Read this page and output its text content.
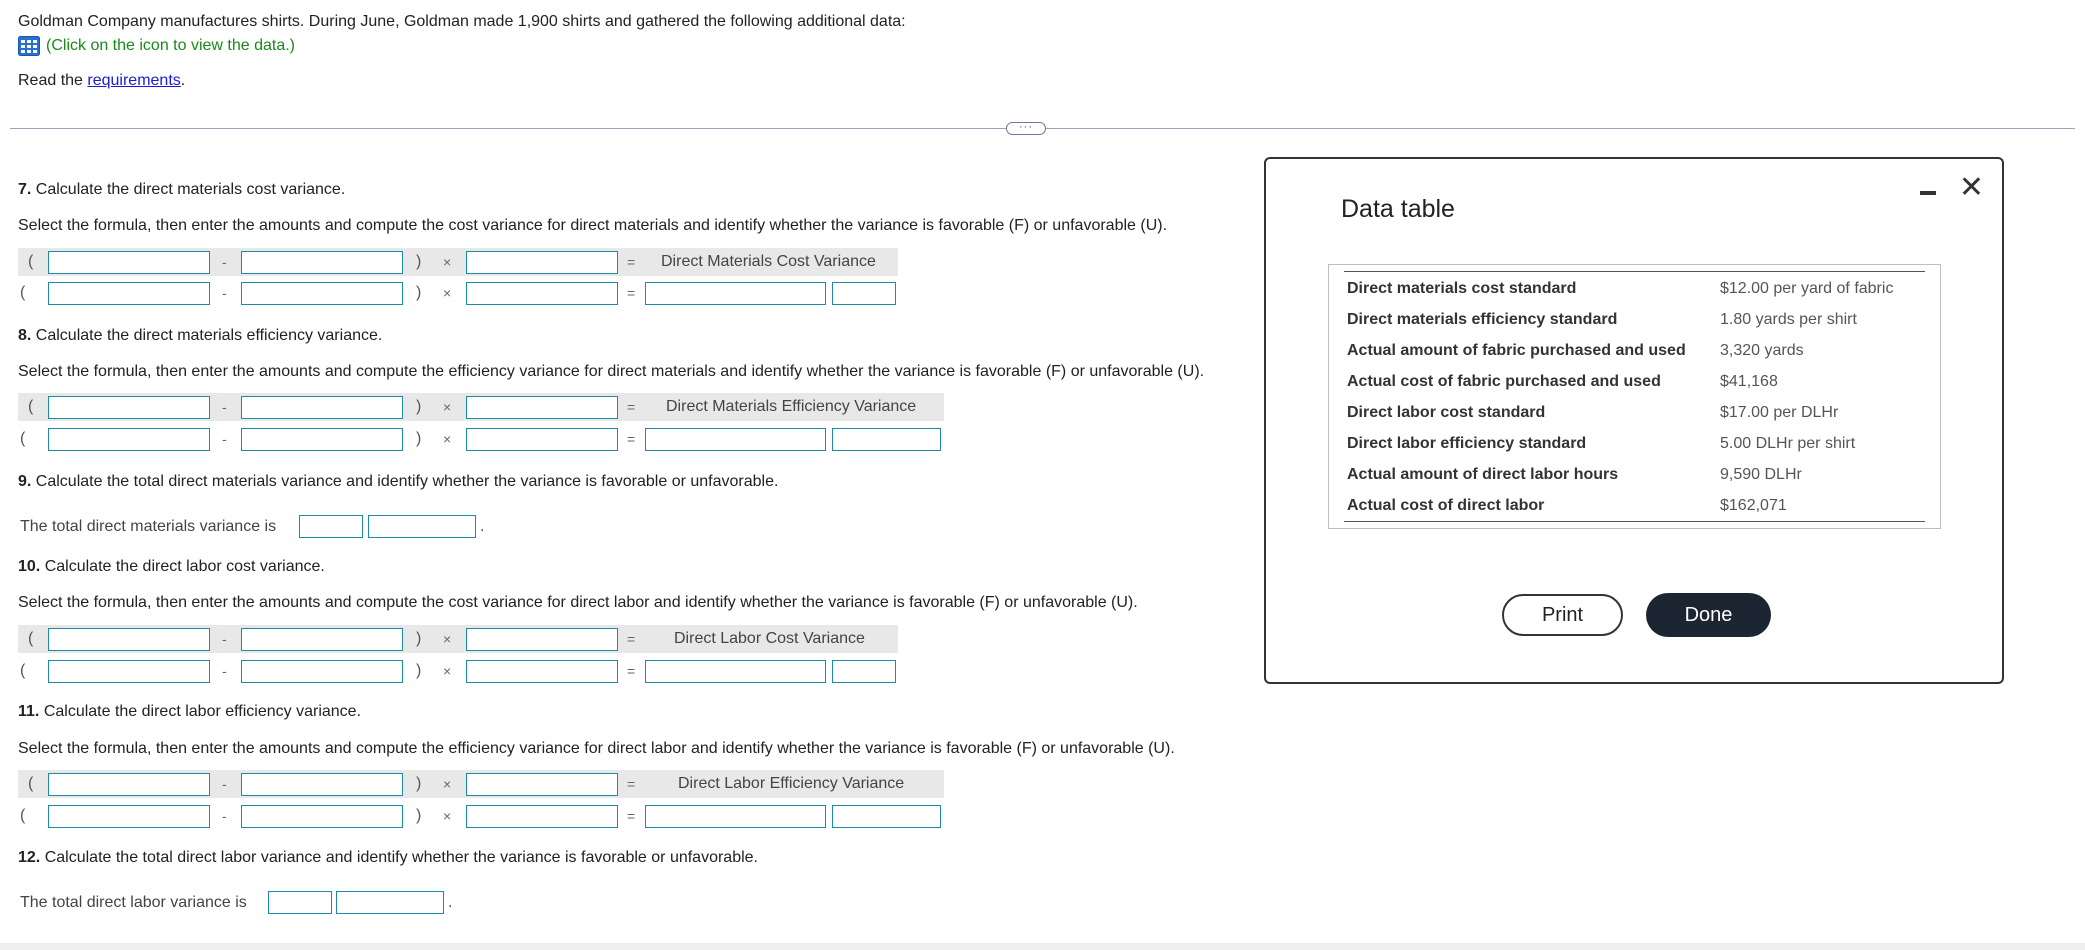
Goldman Company manufactures shirts. During June, Goldman made 1,900 shirts and gathered the following additional data:
(Click on the icon to view the data.)
Read the requirements.
···
7. Calculate the direct materials cost variance.
Select the formula, then enter the amounts and compute the cost variance for direct materials and identify whether the variance is favorable (F) or unfavorable (U).
(	-	) ×	= Direct Materials Cost Variance
(	-	) ×	=
8. Calculate the direct materials efficiency variance.
Select the formula, then enter the amounts and compute the efficiency variance for direct materials and identify whether the variance is favorable (F) or unfavorable (U).
(	-	) ×	= Direct Materials Efficiency Variance
(	-	) ×	=
9. Calculate the total direct materials variance and identify whether the variance is favorable or unfavorable.
The total direct materials variance is	.
10. Calculate the direct labor cost variance.
Select the formula, then enter the amounts and compute the cost variance for direct labor and identify whether the variance is favorable (F) or unfavorable (U).
(	-	) ×	= Direct Labor Cost Variance
(	-	) ×	=
11. Calculate the direct labor efficiency variance.
Select the formula, then enter the amounts and compute the efficiency variance for direct labor and identify whether the variance is favorable (F) or unfavorable (U).
(	-	) ×	=	Direct Labor Efficiency Variance
(	-	) ×	=
12. Calculate the total direct labor variance and identify whether the variance is favorable or unfavorable.
The total direct labor variance is	.
Data table
✕
Direct materials cost standard	$12.00 per yard of fabric
Direct materials efficiency standard	1.80 yards per shirt
Actual amount of fabric purchased and used 3,320 yards
Actual cost of fabric purchased and used	$41,168
Direct labor cost standard	$17.00 per DLHr
Direct labor efficiency standard	5.00 DLHr per shirt
Actual amount of direct labor hours	9,590 DLHr
Actual cost of direct labor	$162,071
Print	Done
